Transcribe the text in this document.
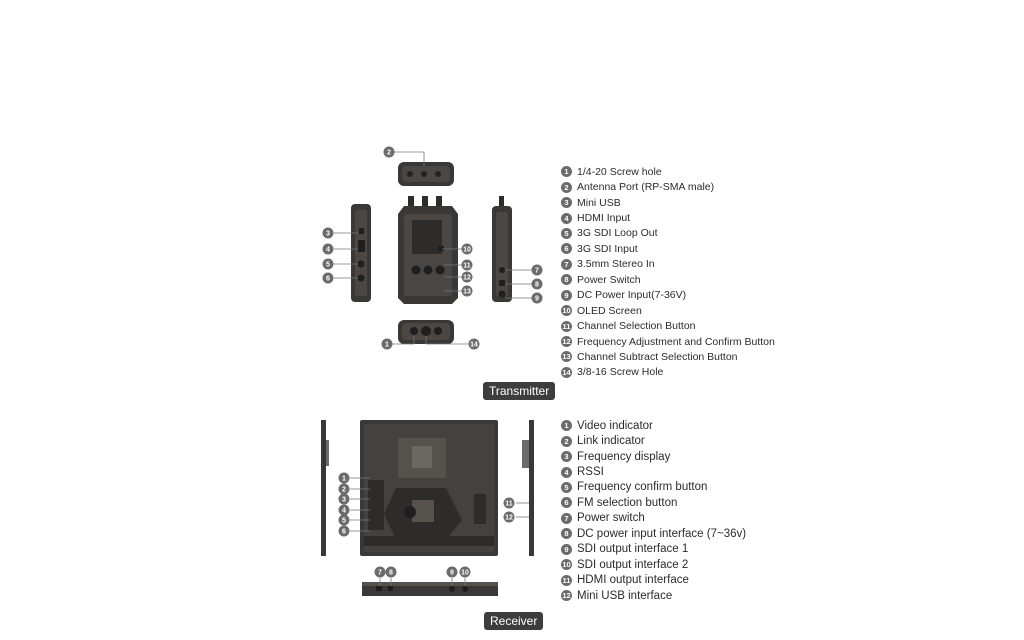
2
3
4
5
6
10
11
12
13
7
8
9
1	14
1
2
3
4
5
6
11
12
7 8	9 10
1 1/4-20 Screw hole
2 Antenna Port (RP-SMA male)
3 Mini USB
4 HDMI Input
5 3G SDI Loop Out
6 3G SDI Input
7 3.5mm Stereo In
8 Power Switch
9 DC Power Input(7-36V)
10 OLED Screen
11 Channel Selection Button
12 Frequency Adjustment and Confirm Button
13 Channel Subtract Selection Button
14 3/8-16 Screw Hole
Transmitter
1 Video indicator
2 Link indicator
3 Frequency display
4 RSSI
5 Frequency confirm button
6 FM selection button
7 Power switch
8 DC power input interface (7~36v)
9 SDI output interface 1
10 SDI output interface 2
11 HDMI output interface
12 Mini USB interface
Receiver
